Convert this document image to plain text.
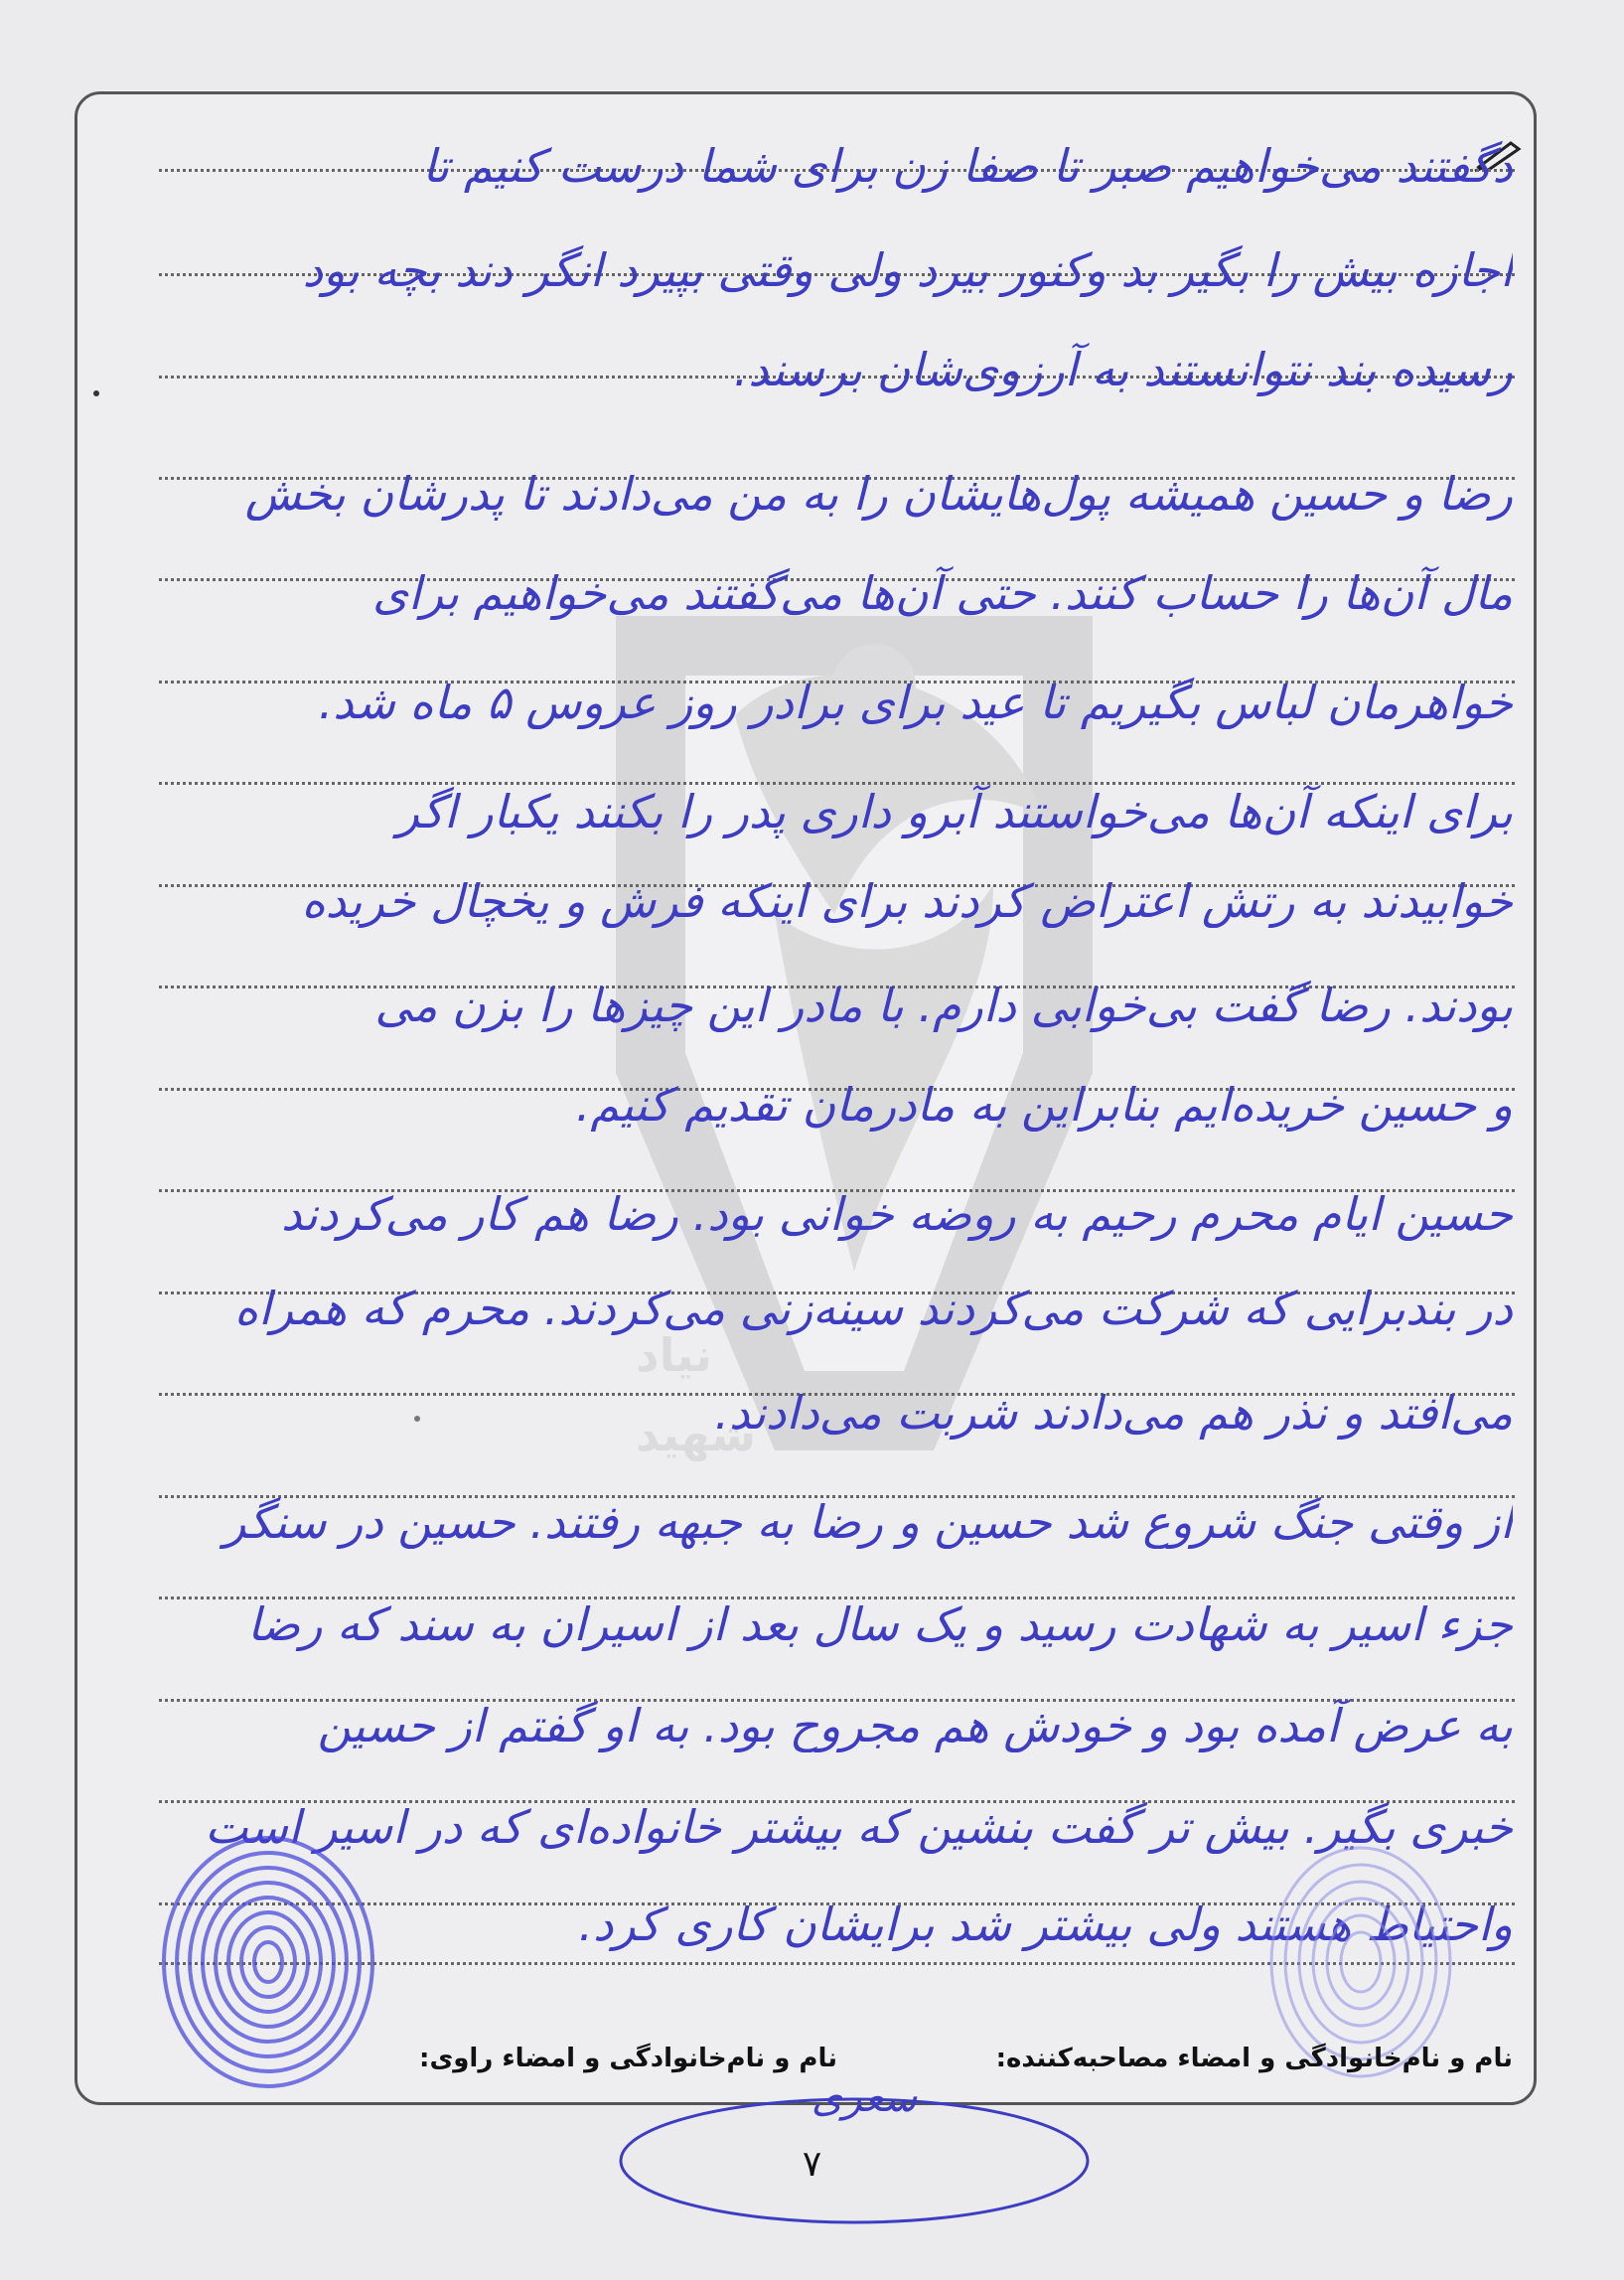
نیاد
شهید
دگفتند می‌خواهیم صبر تا صفا زن برای شما درست کنیم تا
اجازه بیش را بگیر بد وکنور بیرد ولی وقتی بپیرد انگر دند بچه بود
رسیده بند نتوانستند به آرزوی‌شان برسند.
رضا و حسین همیشه پول‌هایشان را به من می‌دادند تا پدرشان بخش
مال آن‌ها را حساب کنند. حتی آن‌ها می‌گفتند می‌خواهیم برای
خواهرمان لباس بگیریم تا عید برای برادر روز عروس ۵ ماه شد.
برای اینکه آن‌ها می‌خواستند آبرو داری پدر را بکنند یکبار اگر
خوابیدند به رتش اعتراض کردند برای اینکه فرش و یخچال خریده
بودند. رضا گفت بی‌خوابی دارم. با مادر این چیزها را بزن می
و حسین خریده‌ایم بنابراین به مادرمان تقدیم کنیم.
حسین ایام محرم رحیم به روضه خوانی بود. رضا هم کار می‌کردند
در بندبرایی که شرکت می‌کردند سینه‌زنی می‌کردند. محرم که همراه
می‌افتد و نذر هم می‌دادند شربت می‌دادند.
از وقتی جنگ شروع شد حسین و رضا به جبهه رفتند. حسین در سنگر
جزء اسیر به شهادت رسید و یک سال بعد از اسیران به سند که رضا
به عرض آمده بود و خودش هم مجروح بود. به او گفتم از حسین
خبری بگیر. بیش تر گفت بنشین که بیشتر خانواده‌ای که در اسیر است
واحتیاط هستند ولی بیشتر شد برایشان کاری کرد.
نام و نام‌خانوادگی و امضاء مصاحبه‌کننده:
نام و نام‌خانوادگی و امضاء راوی:
سعری
۷
